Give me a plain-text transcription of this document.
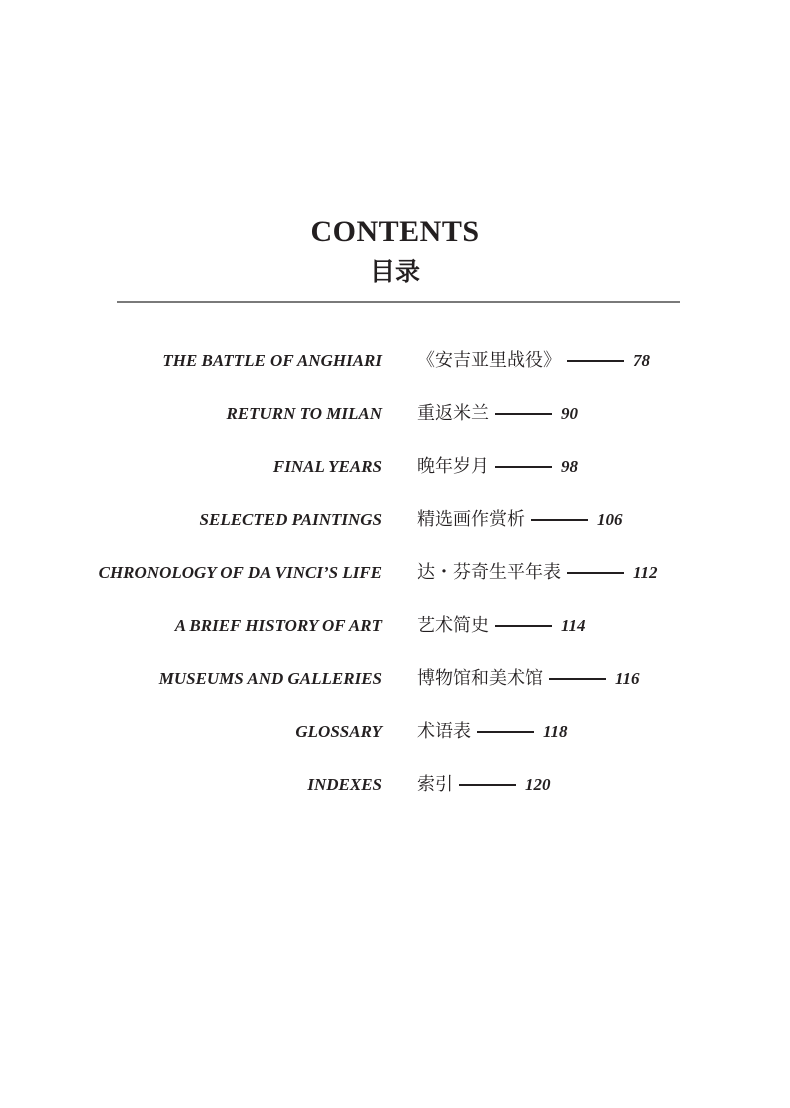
CONTENTS
目录
THE BATTLE OF ANGHIARI 《安吉亚里战役》	78
RETURN TO MILAN 重返米兰	90
FINAL YEARS 晚年岁月	98
SELECTED PAINTINGS 精选画作赏析	106
CHRONOLOGY OF DA VINCI’S LIFE 达・芬奇生平年表	112
A BRIEF HISTORY OF ART 艺术简史	114
MUSEUMS AND GALLERIES 博物馆和美术馆	116
GLOSSARY 术语表	118
INDEXES 索引	120
